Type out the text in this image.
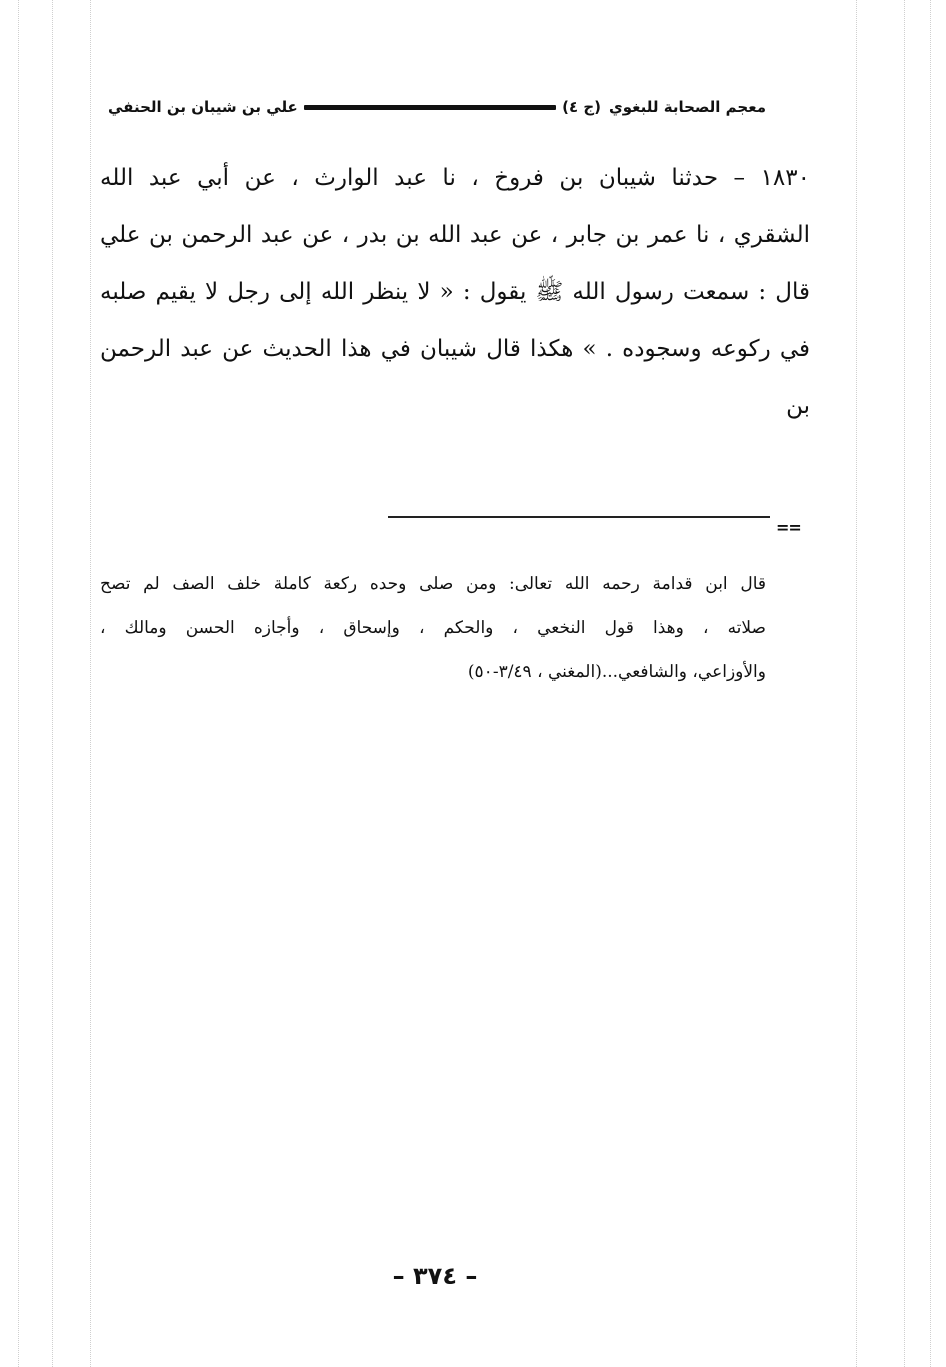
معجم الصحابة للبغوي
(ج ٤)
علي بن شيبان بن الحنفي

١٨٣٠ – حدثنا شيبان بن فروخ ، نا عبد الوارث ، عن أبي عبد الله

الشقري ، نا عمر بن جابر ، عن عبد الله بن بدر ، عن عبد الرحمن بن علي

قال : سمعت رسول الله ﷺ يقول : « لا ينظر الله إلى رجل لا يقيم صلبه

في ركوعه وسجوده . » هكذا قال شيبان في هذا الحديث عن عبد الرحمن بن

==

قال ابن قدامة رحمه الله تعالى: ومن صلى وحده ركعة كاملة خلف الصف لم تصح

صلاته ، وهذا قول النخعي ، والحكم ، وإسحاق ، وأجازه الحسن ومالك ،

والأوزاعي، والشافعي...(المغني ، ٣/٤٩-٥٠)

– ٣٧٤ –
